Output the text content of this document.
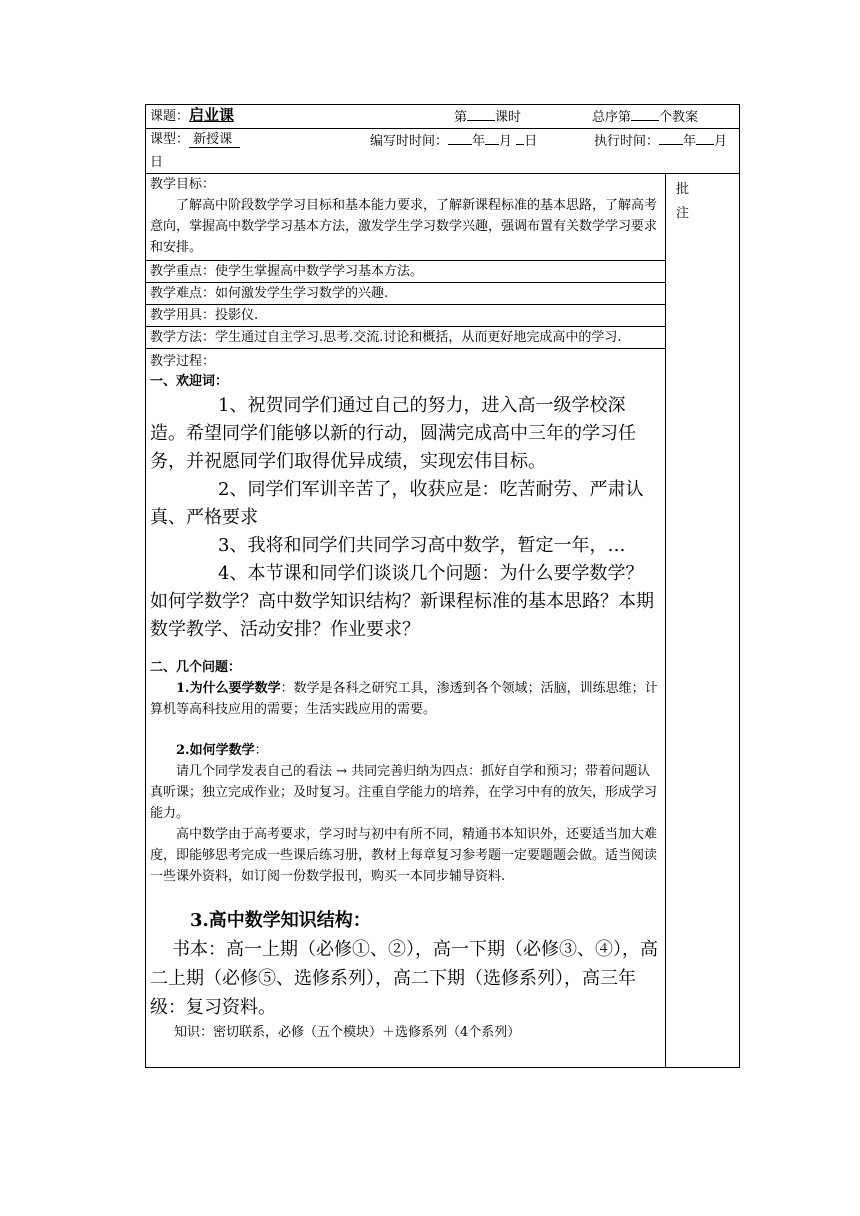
课题：启业课	第 课时	总序第 个教案

课型： 新授课	编写时时间： 年 月 日	执行时间： 年 月
日

教学目标：
了解高中阶段数学学习目标和基本能力要求，了解新课程标准的基本思路，了解高考意向，掌握高中数学学习基本方法，激发学生学习数学兴趣，强调布置有关数学学习要求和安排。

批
注

教学重点：使学生掌握高中数学学习基本方法。

教学难点：如何激发学生学习数学的兴趣.

教学用具：投影仪.

教学方法：学生通过自主学习.思考.交流.讨论和概括，从而更好地完成高中的学习.

教学过程：
一、欢迎词：
1、祝贺同学们通过自己的努力，进入高一级学校深造。希望同学们能够以新的行动，圆满完成高中三年的学习任务，并祝愿同学们取得优异成绩，实现宏伟目标。
2、同学们军训辛苦了，收获应是：吃苦耐劳、严肃认真、严格要求
3、我将和同学们共同学习高中数学，暂定一年，…
4、本节课和同学们谈谈几个问题：为什么要学数学？如何学数学？高中数学知识结构？新课程标准的基本思路？本期数学教学、活动安排？作业要求？
二、几个问题：
1.为什么要学数学：数学是各科之研究工具，渗透到各个领域；活脑，训练思维；计算机等高科技应用的需要；生活实践应用的需要。
2.如何学数学：
请几个同学发表自己的看法 → 共同完善归纳为四点：抓好自学和预习；带着问题认真听课；独立完成作业；及时复习。注重自学能力的培养，在学习中有的放矢，形成学习能力。
高中数学由于高考要求，学习时与初中有所不同，精通书本知识外，还要适当加大难度，即能够思考完成一些课后练习册，教材上每章复习参考题一定要题题会做。适当阅读一些课外资料，如订阅一份数学报刊，购买一本同步辅导资料.
3.高中数学知识结构：
书本：高一上期（必修①、②），高一下期（必修③、④），高二上期（必修⑤、选修系列），高二下期（选修系列），高三年级：复习资料。
知识：密切联系，必修（五个模块）＋选修系列（4个系列）
